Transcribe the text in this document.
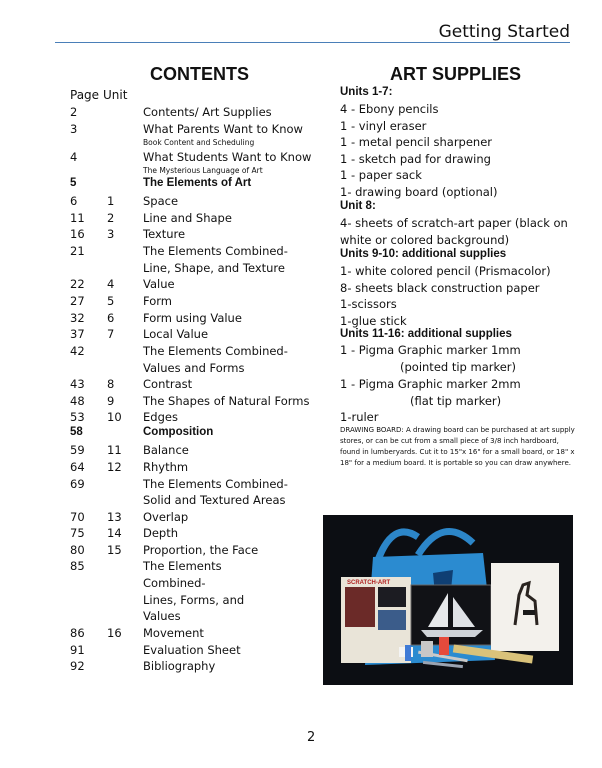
Getting Started
CONTENTS
Page Unit
2	Contents/ Art Supplies
3	What Parents Want to Know
Book Content and Scheduling
4	What Students Want to Know
The Mysterious Language of Art
5	The Elements of Art
6	1 Space
11 2 Line and Shape
16 3 Texture
21	The Elements Combined-
Line, Shape, and Texture
22 4 Value
27 5 Form
32 6 Form using Value
37 7 Local Value
42	The Elements Combined-
Values and Forms
43 8 Contrast
48 9 The Shapes of Natural Forms
53 10 Edges
58	Composition
59 11 Balance
64 12 Rhythm
69	The Elements Combined-
Solid and Textured Areas
70 13 Overlap
75 14 Depth
80 15 Proportion, the Face
85	The Elements
Combined-
Lines, Forms, and
Values
86 16 Movement
91	Evaluation Sheet
92	Bibliography
ART SUPPLIES
Units 1-7:
4 - Ebony pencils
1 - vinyl eraser
1 - metal pencil sharpener
1 - sketch pad for drawing
1 - paper sack
1- drawing board (optional)
Unit 8:
4- sheets of scratch-art paper (black on
white or colored background)
Units 9-10: additional supplies
1- white colored pencil (Prismacolor)
8- sheets black construction paper
1-scissors
1-glue stick
Units 11-16: additional supplies
1 - Pigma Graphic marker 1mm
(pointed tip marker)
1 - Pigma Graphic marker 2mm
(flat tip marker)
1-ruler
DRAWING BOARD: A drawing board can be purchased at art supply stores, or can be cut from a small piece of 3/8 inch hardboard, found in lumberyards. Cut it to 15"x 16" for a small board, or 18" x 18" for a medium board. It is portable so you can draw anywhere.
SCRATCH-ART
2
